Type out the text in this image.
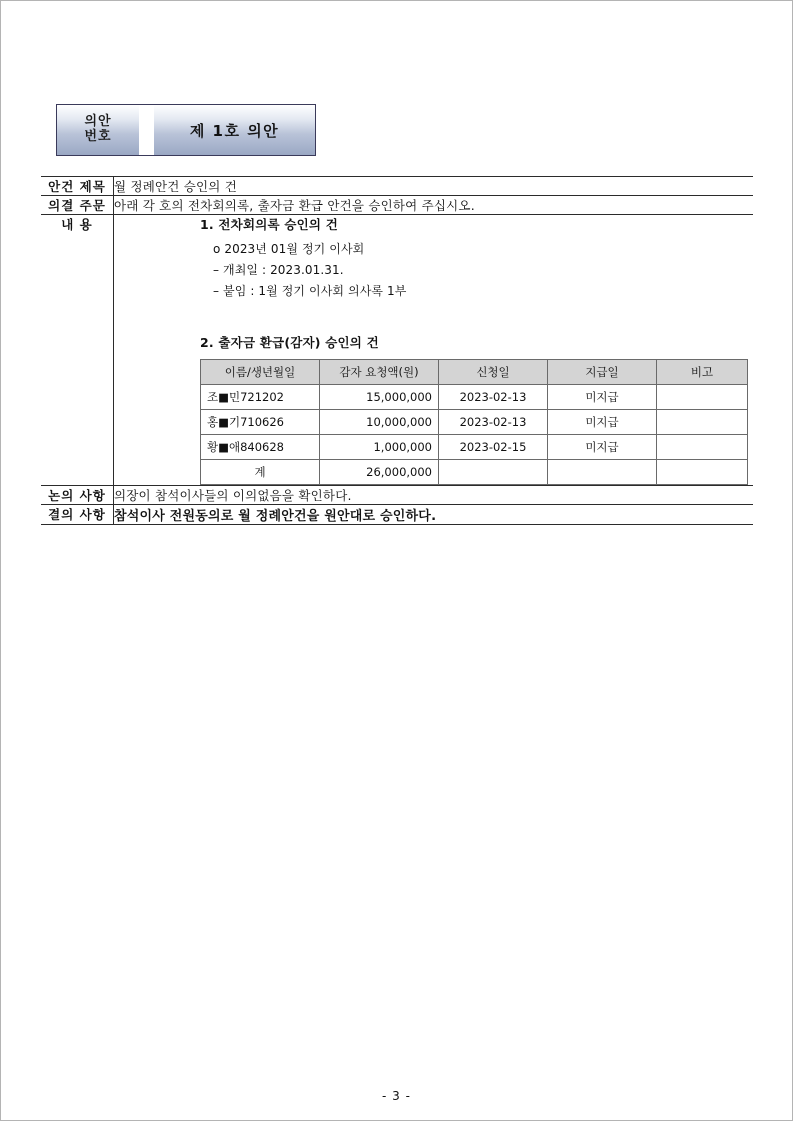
의안
번호	제 1호 의안
안건 제목	월 정례안건 승인의 건
의결 주문	아래 각 호의 전차회의록, 출자금 환급 안건을 승인하여 주십시오.
내 용	1. 전차회의록 승인의 건

o 2023년 01월 정기 이사회

– 개최일 : 2023.01.31.

– 붙임 : 1월 정기 이사회 의사록 1부

2. 출자금 환급(감자) 승인의 건

이름/생년월일	감자 요청액(원)	신청일	지급일	비고
조■민721202	15,000,000	2023-02-13	미지급	
홍■기710626	10,000,000	2023-02-13	미지급	
황■애840628	1,000,000	2023-02-15	미지급	
계	26,000,000			

논의 사항	의장이 참석이사들의 이의없음을 확인하다.
결의 사항	참석이사 전원동의로 월 정례안건을 원안대로 승인하다.
- 3 -
